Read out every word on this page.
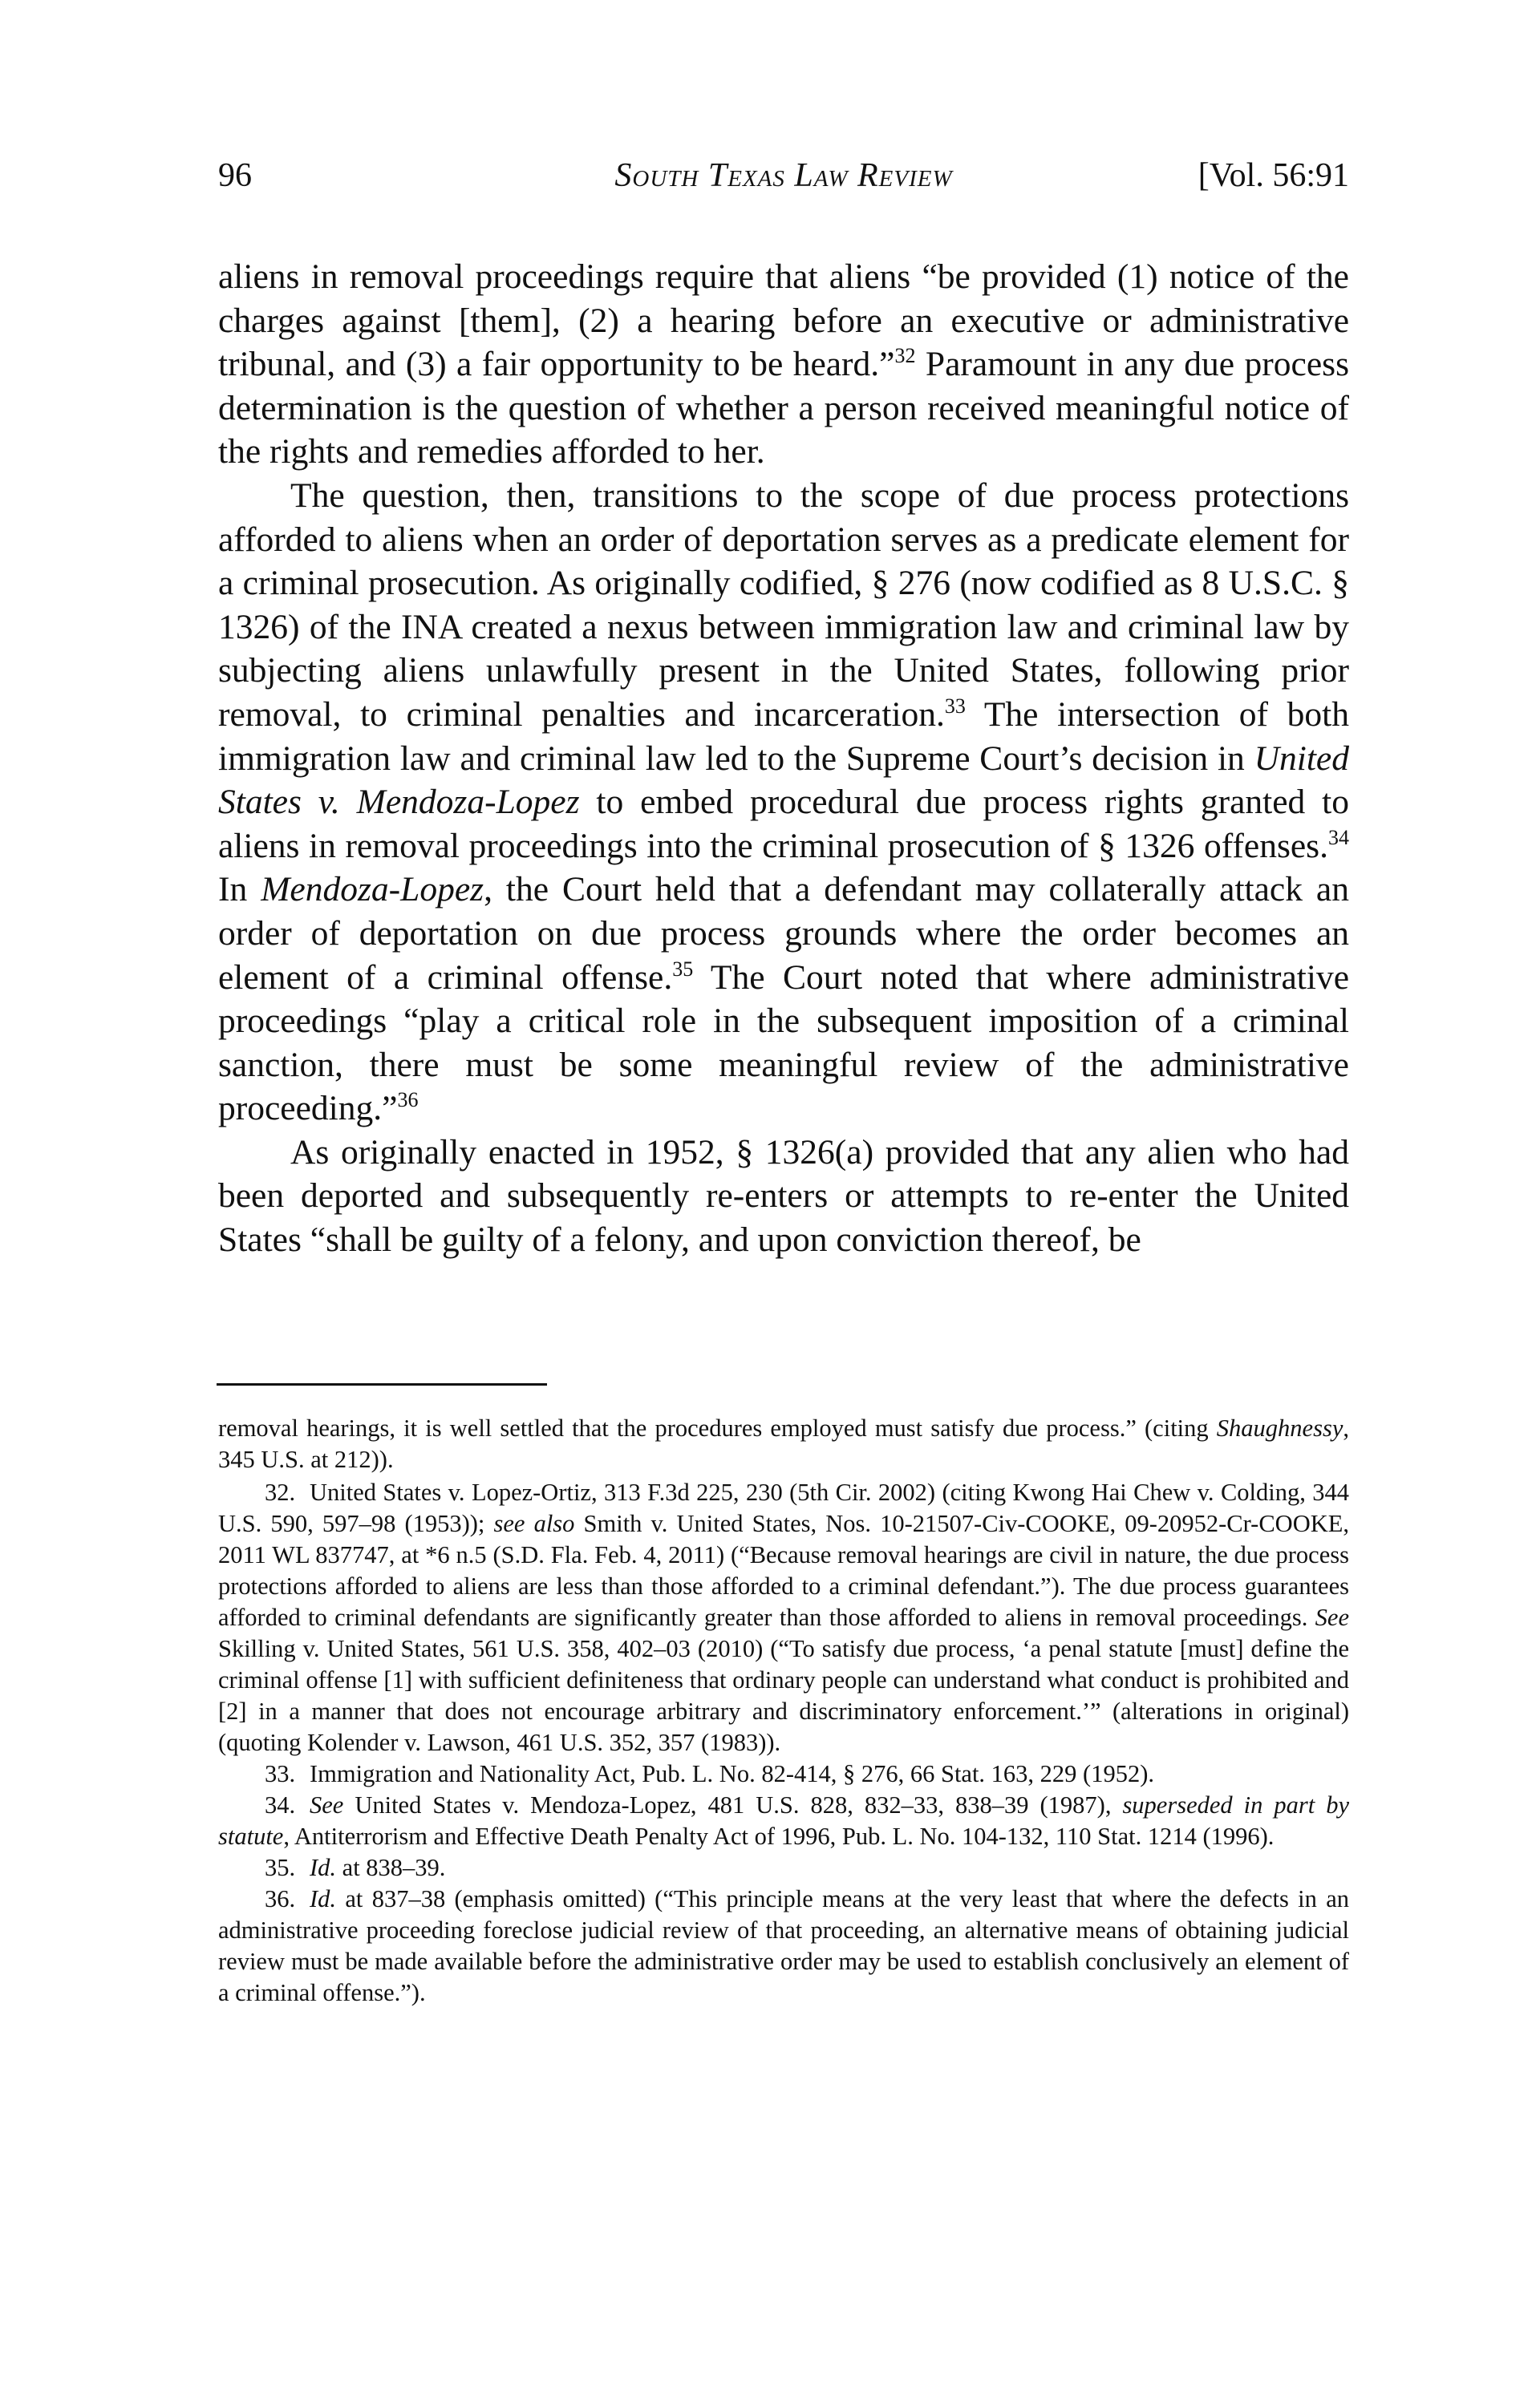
96	South Texas Law Review	[Vol. 56:91

aliens in removal proceedings require that aliens “be provided (1) notice of the charges against [them], (2) a hearing before an executive or administrative tribunal, and (3) a fair opportunity to be heard.”$^{32}$ Paramount in any due process determination is the question of whether a person received meaningful notice of the rights and remedies afforded to her.

The question, then, transitions to the scope of due process protections afforded to aliens when an order of deportation serves as a predicate element for a criminal prosecution. As originally codified, § 276 (now codified as 8 U.S.C. § 1326) of the INA created a nexus between immigration law and criminal law by subjecting aliens unlawfully present in the United States, following prior removal, to criminal penalties and incarceration.$^{33}$ The intersection of both immigration law and criminal law led to the Supreme Court’s decision in United States v. Mendoza-Lopez to embed procedural due process rights granted to aliens in removal proceedings into the criminal prosecution of § 1326 offenses.$^{34}$ In Mendoza-Lopez, the Court held that a defendant may collaterally attack an order of deportation on due process grounds where the order becomes an element of a criminal offense.$^{35}$ The Court noted that where administrative proceedings “play a critical role in the subsequent imposition of a criminal sanction, there must be some meaningful review of the administrative proceeding.”$^{36}$

As originally enacted in 1952, § 1326(a) provided that any alien who had been deported and subsequently re-enters or attempts to re-enter the United States “shall be guilty of a felony, and upon conviction thereof, be

removal hearings, it is well settled that the procedures employed must satisfy due process.” (citing Shaughnessy, 345 U.S. at 212)).

32. United States v. Lopez-Ortiz, 313 F.3d 225, 230 (5th Cir. 2002) (citing Kwong Hai Chew v. Colding, 344 U.S. 590, 597–98 (1953)); see also Smith v. United States, Nos. 10-21507-Civ-COOKE, 09-20952-Cr-COOKE, 2011 WL 837747, at *6 n.5 (S.D. Fla. Feb. 4, 2011) (“Because removal hearings are civil in nature, the due process protections afforded to aliens are less than those afforded to a criminal defendant.”). The due process guarantees afforded to criminal defendants are significantly greater than those afforded to aliens in removal proceedings. See Skilling v. United States, 561 U.S. 358, 402–03 (2010) (“To satisfy due process, ‘a penal statute [must] define the criminal offense [1] with sufficient definiteness that ordinary people can understand what conduct is prohibited and [2] in a manner that does not encourage arbitrary and discriminatory enforcement.’” (alterations in original) (quoting Kolender v. Lawson, 461 U.S. 352, 357 (1983)).

33. Immigration and Nationality Act, Pub. L. No. 82-414, § 276, 66 Stat. 163, 229 (1952).

34. See United States v. Mendoza-Lopez, 481 U.S. 828, 832–33, 838–39 (1987), superseded in part by statute, Antiterrorism and Effective Death Penalty Act of 1996, Pub. L. No. 104-132, 110 Stat. 1214 (1996).

35. Id. at 838–39.

36. Id. at 837–38 (emphasis omitted) (“This principle means at the very least that where the defects in an administrative proceeding foreclose judicial review of that proceeding, an alternative means of obtaining judicial review must be made available before the administrative order may be used to establish conclusively an element of a criminal offense.”).
